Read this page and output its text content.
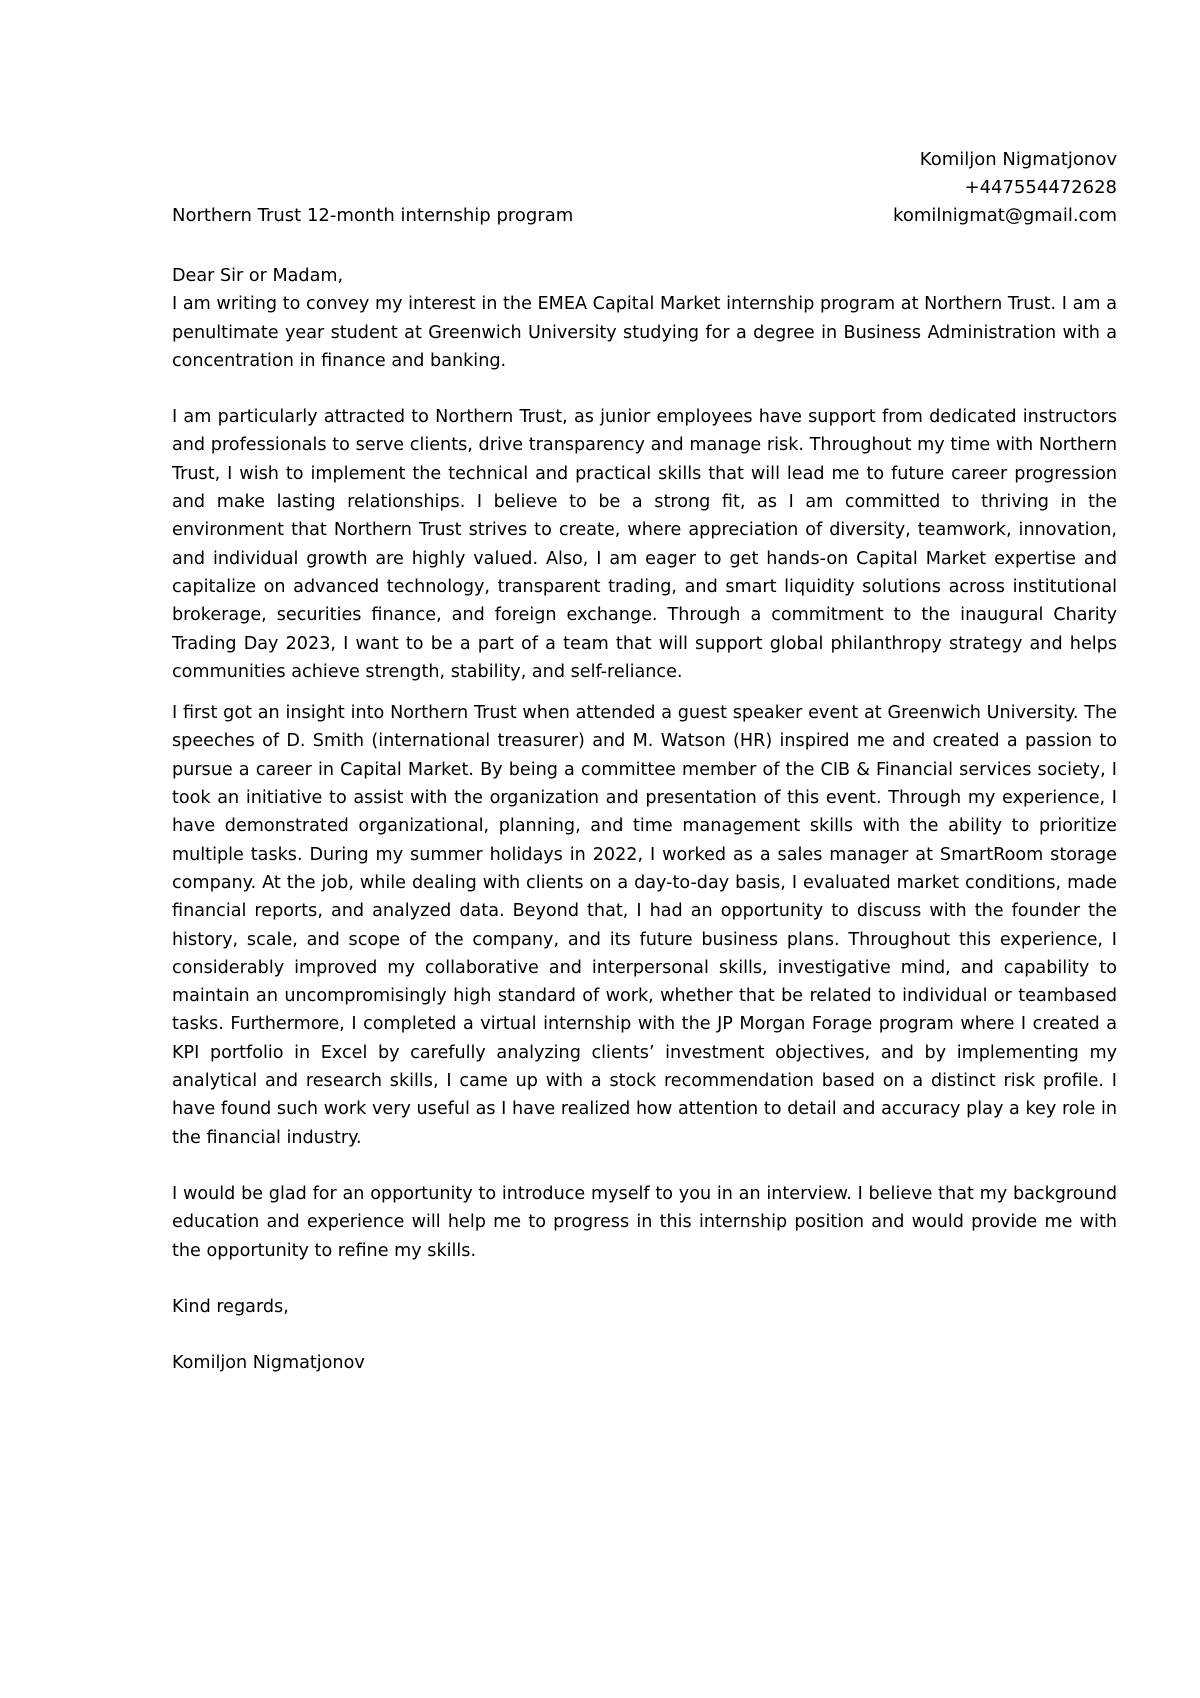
Komiljon Nigmatjonov
+447554472628
komilnigmat@gmail.com
Northern Trust 12-month internship program

Dear Sir or Madam,

I am writing to convey my interest in the EMEA Capital Market internship program at Northern Trust. I am a penultimate year student at Greenwich University studying for a degree in Business Administration with a concentration in finance and banking.

I am particularly attracted to Northern Trust, as junior employees have support from dedicated instructors and professionals to serve clients, drive transparency and manage risk. Throughout my time with Northern Trust, I wish to implement the technical and practical skills that will lead me to future career progression and make lasting relationships. I believe to be a strong fit, as I am committed to thriving in the environment that Northern Trust strives to create, where appreciation of diversity, teamwork, innovation, and individual growth are highly valued. Also, I am eager to get hands-on Capital Market expertise and capitalize on advanced technology, transparent trading, and smart liquidity solutions across institutional brokerage, securities finance, and foreign exchange. Through a commitment to the inaugural Charity Trading Day 2023, I want to be a part of a team that will support global philanthropy strategy and helps communities achieve strength, stability, and self-reliance.

I first got an insight into Northern Trust when attended a guest speaker event at Greenwich University. The speeches of D. Smith (international treasurer) and M. Watson (HR) inspired me and created a passion to pursue a career in Capital Market. By being a committee member of the CIB & Financial services society, I took an initiative to assist with the organization and presentation of this event. Through my experience, I have demonstrated organizational, planning, and time management skills with the ability to prioritize multiple tasks. During my summer holidays in 2022, I worked as a sales manager at SmartRoom storage company. At the job, while dealing with clients on a day-to-day basis, I evaluated market conditions, made financial reports, and analyzed data. Beyond that, I had an opportunity to discuss with the founder the history, scale, and scope of the company, and its future business plans. Throughout this experience, I considerably improved my collaborative and interpersonal skills, investigative mind, and capability to maintain an uncompromisingly high standard of work, whether that be related to individual or teambased tasks. Furthermore, I completed a virtual internship with the JP Morgan Forage program where I created a KPI portfolio in Excel by carefully analyzing clients’ investment objectives, and by implementing my analytical and research skills, I came up with a stock recommendation based on a distinct risk profile. I have found such work very useful as I have realized how attention to detail and accuracy play a key role in the financial industry.

I would be glad for an opportunity to introduce myself to you in an interview. I believe that my background education and experience will help me to progress in this internship position and would provide me with the opportunity to refine my skills.

Kind regards,

Komiljon Nigmatjonov
